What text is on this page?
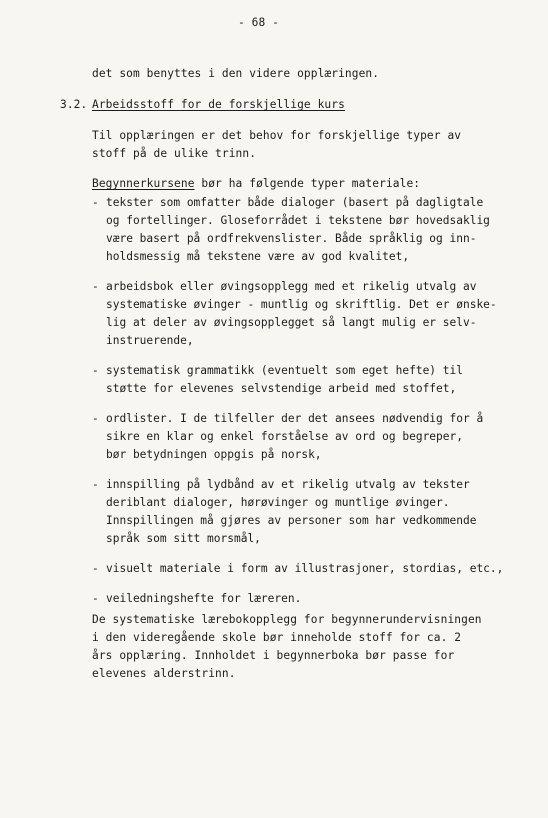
- 68 -
det som benyttes i den videre opplæringen.
3.2. Arbeidsstoff for de forskjellige kurs
Til opplæringen er det behov for forskjellige typer av
stoff på de ulike trinn.
Begynnerkursene bør ha følgende typer materiale:
- tekster som omfatter både dialoger (basert på dagligtale
og fortellinger. Gloseforrådet i tekstene bør hovedsaklig
være basert på ordfrekvenslister. Både språklig og inn-
holdsmessig må tekstene være av god kvalitet,
- arbeidsbok eller øvingsopplegg med et rikelig utvalg av
systematiske øvinger - muntlig og skriftlig. Det er ønske-
lig at deler av øvingsopplegget så langt mulig er selv-
instruerende,
- systematisk grammatikk (eventuelt som eget hefte) til
støtte for elevenes selvstendige arbeid med stoffet,
- ordlister. I de tilfeller der det ansees nødvendig for å
sikre en klar og enkel forståelse av ord og begreper,
bør betydningen oppgis på norsk,
- innspilling på lydbånd av et rikelig utvalg av tekster
deriblant dialoger, hørøvinger og muntlige øvinger.
Innspillingen må gjøres av personer som har vedkommende
språk som sitt morsmål,
- visuelt materiale i form av illustrasjoner, stordias, etc.,
- veiledningshefte for læreren.
De systematiske lærebokopplegg for begynnerundervisningen
i den videregående skole bør inneholde stoff for ca. 2
års opplæring. Innholdet i begynnerboka bør passe for
elevenes alderstrinn.
